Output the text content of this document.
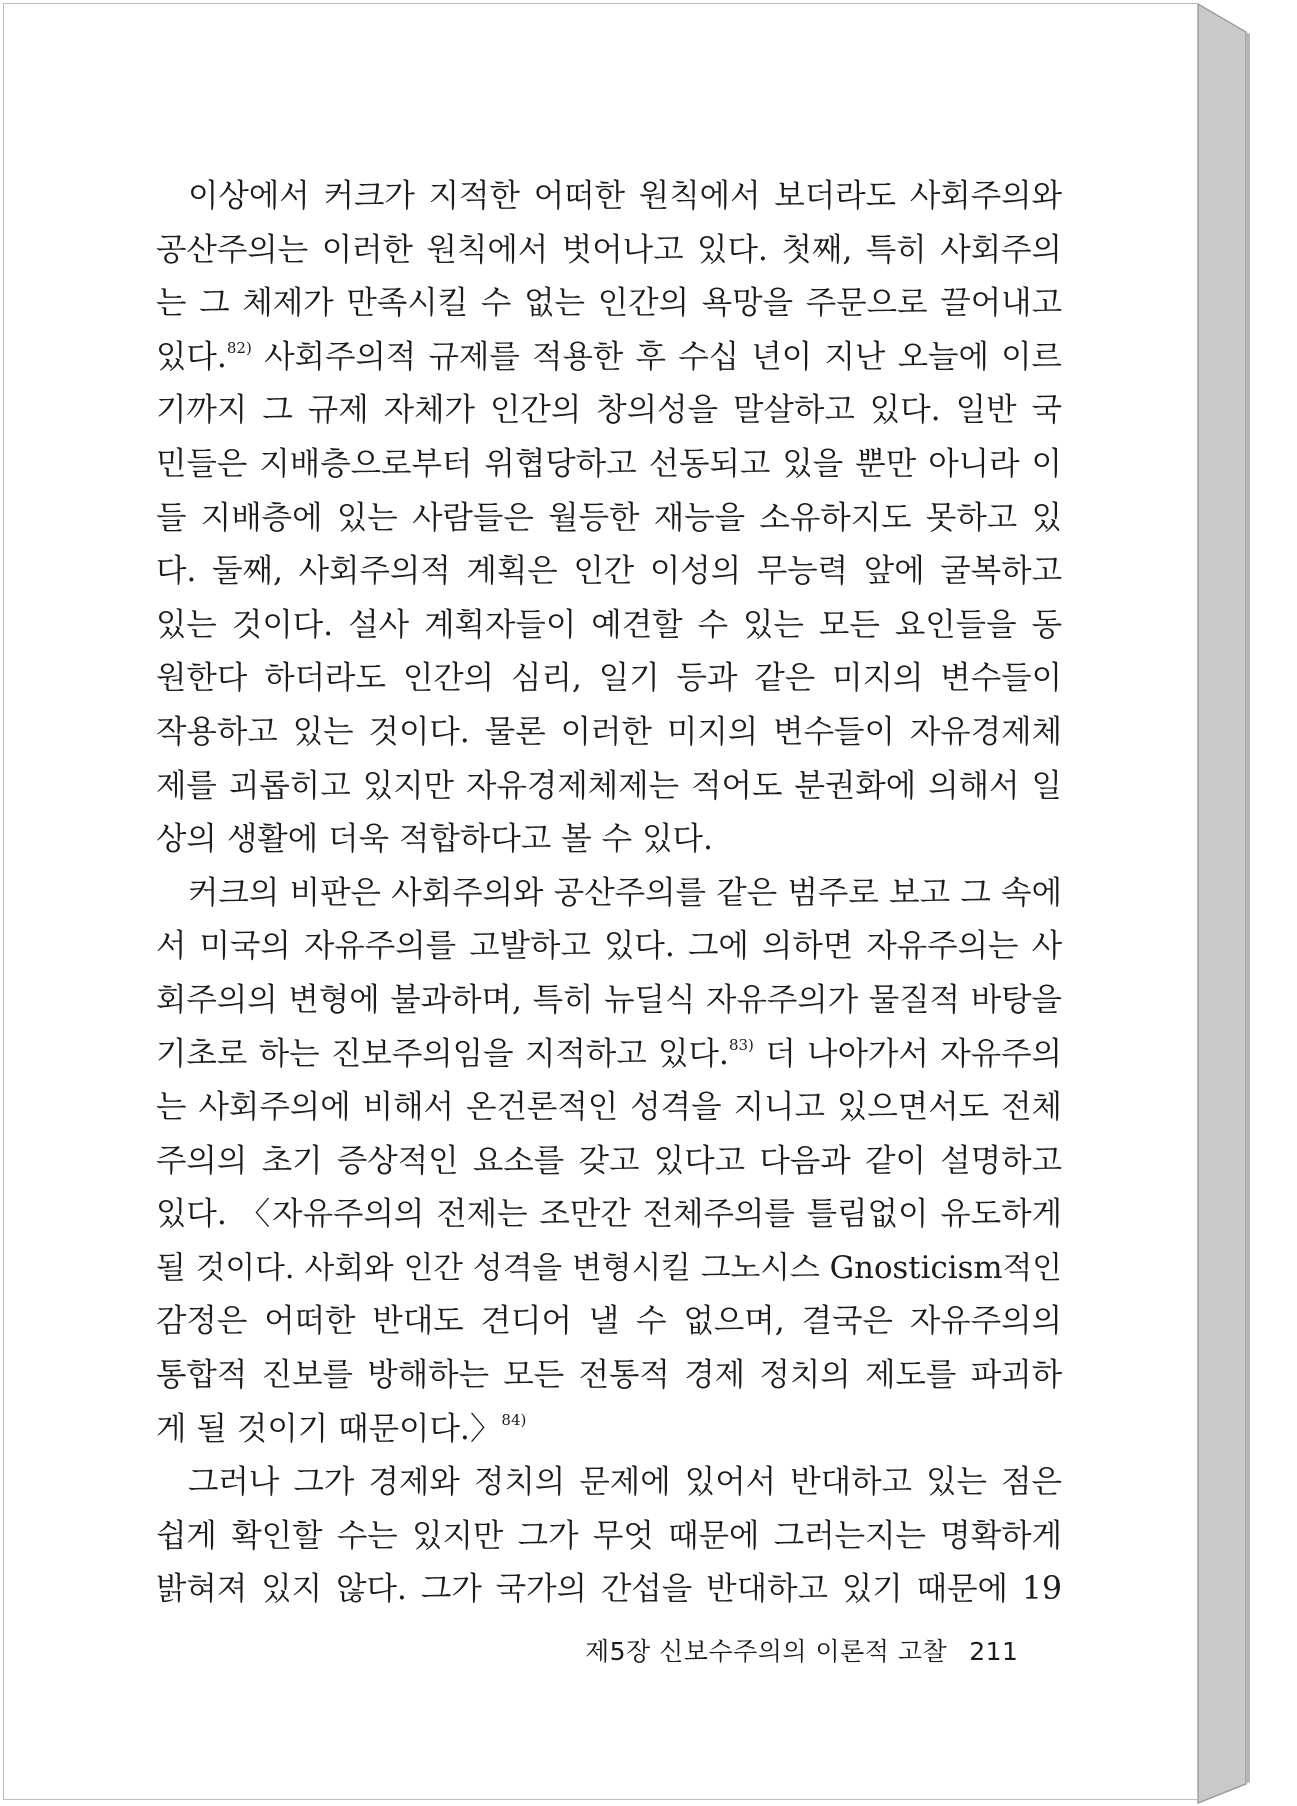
이상에서 커크가 지적한 어떠한 원칙에서 보더라도 사회주의와
공산주의는 이러한 원칙에서 벗어나고 있다. 첫째, 특히 사회주의
는 그 체제가 만족시킬 수 없는 인간의 욕망을 주문으로 끌어내고
있다.$^{82)}$ 사회주의적 규제를 적용한 후 수십 년이 지난 오늘에 이르
기까지 그 규제 자체가 인간의 창의성을 말살하고 있다. 일반 국
민들은 지배층으로부터 위협당하고 선동되고 있을 뿐만 아니라 이
들 지배층에 있는 사람들은 월등한 재능을 소유하지도 못하고 있
다. 둘째, 사회주의적 계획은 인간 이성의 무능력 앞에 굴복하고
있는 것이다. 설사 계획자들이 예견할 수 있는 모든 요인들을 동
원한다 하더라도 인간의 심리, 일기 등과 같은 미지의 변수들이
작용하고 있는 것이다. 물론 이러한 미지의 변수들이 자유경제체
제를 괴롭히고 있지만 자유경제체제는 적어도 분권화에 의해서 일
상의 생활에 더욱 적합하다고 볼 수 있다.
커크의 비판은 사회주의와 공산주의를 같은 범주로 보고 그 속에
서 미국의 자유주의를 고발하고 있다. 그에 의하면 자유주의는 사
회주의의 변형에 불과하며, 특히 뉴딜식 자유주의가 물질적 바탕을
기초로 하는 진보주의임을 지적하고 있다.$^{83)}$ 더 나아가서 자유주의
는 사회주의에 비해서 온건론적인 성격을 지니고 있으면서도 전체
주의의 초기 증상적인 요소를 갖고 있다고 다음과 같이 설명하고
있다. 〈자유주의의 전제는 조만간 전체주의를 틀림없이 유도하게
될 것이다. 사회와 인간 성격을 변형시킬 그노시스 Gnosticism적인
감정은 어떠한 반대도 견디어 낼 수 없으며, 결국은 자유주의의
통합적 진보를 방해하는 모든 전통적 경제 정치의 제도를 파괴하
게 될 것이기 때문이다.〉$^{84)}$
그러나 그가 경제와 정치의 문제에 있어서 반대하고 있는 점은
쉽게 확인할 수는 있지만 그가 무엇 때문에 그러는지는 명확하게
밝혀져 있지 않다. 그가 국가의 간섭을 반대하고 있기 때문에 19
제5장 신보수주의의 이론적 고찰 211
